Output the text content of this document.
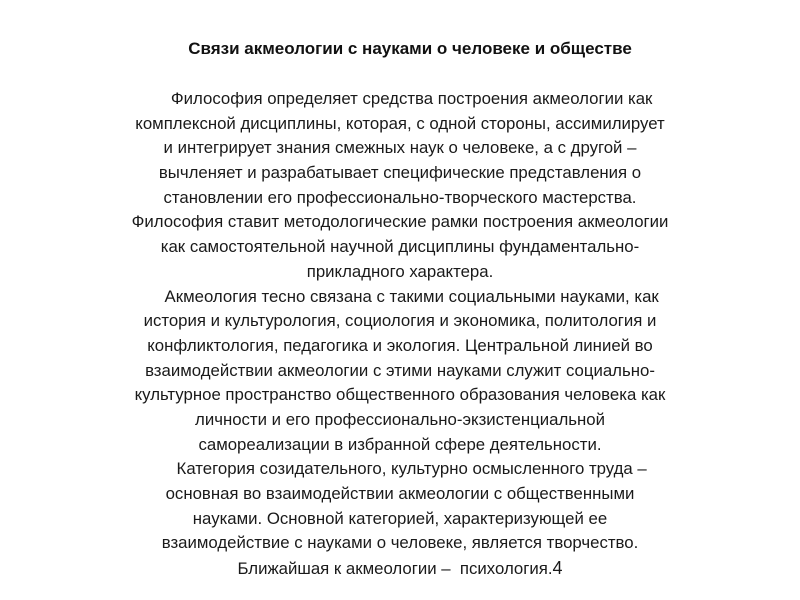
Связи акмеологии с науками о человеке и обществе
Философия определяет средства построения акмеологии как
комплексной дисциплины, которая, с одной стороны, ассимилирует
и интегрирует знания смежных наук о человеке, а с другой –
вычленяет и разрабатывает специфические представления о
становлении его профессионально-творческого мастерства.
Философия ставит методологические рамки построения акмеологии
как самостоятельной научной дисциплины фундаментально-
прикладного характера.
Акмеология тесно связана с такими социальными науками, как
история и культурология, социология и экономика, политология и
конфликтология, педагогика и экология. Центральной линией во
взаимодействии акмеологии с этими науками служит социально-
культурное пространство общественного образования человека как
личности и его профессионально-экзистенциальной
самореализации в избранной сфере деятельности.
Категория созидательного, культурно осмысленного труда –
основная во взаимодействии акмеологии с общественными
науками. Основной категорией, характеризующей ее
взаимодействие с науками о человеке, является творчество.
Ближайшая к акмеологии –  психология.4
